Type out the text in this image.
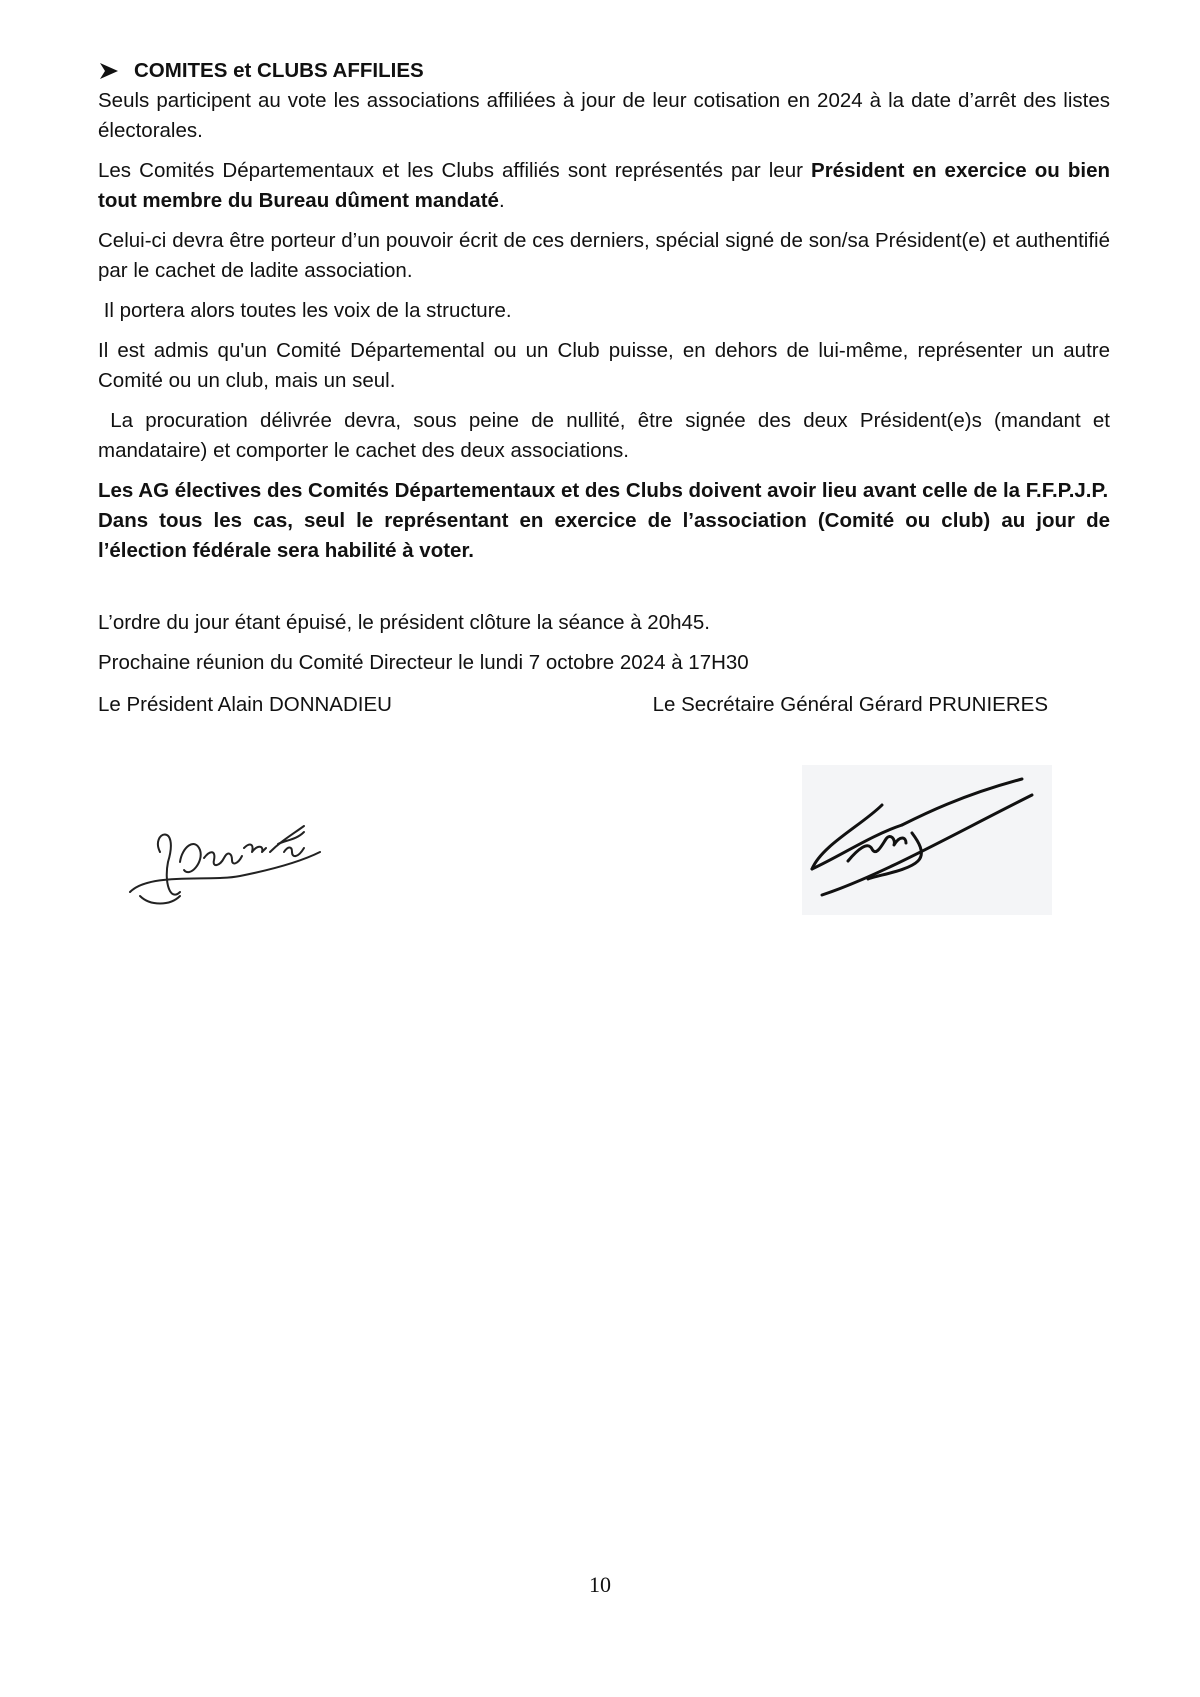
COMITES et CLUBS AFFILIES

Seuls participent au vote les associations affiliées à jour de leur cotisation en 2024 à la date d’arrêt des listes électorales.

Les Comités Départementaux et les Clubs affiliés sont représentés par leur Président en exercice ou bien tout membre du Bureau dûment mandaté.

Celui-ci devra être porteur d’un pouvoir écrit de ces derniers, spécial signé de son/sa Président(e) et authentifié par le cachet de ladite association.

Il portera alors toutes les voix de la structure.

Il est admis qu'un Comité Départemental ou un Club puisse, en dehors de lui-même, représenter un autre Comité ou un club, mais un seul.

La procuration délivrée devra, sous peine de nullité, être signée des deux Président(e)s (mandant et mandataire) et comporter le cachet des deux associations.

Les AG électives des Comités Départementaux et des Clubs doivent avoir lieu avant celle de la F.F.P.J.P.

Dans tous les cas, seul le représentant en exercice de l’association (Comité ou club) au jour de l’élection fédérale sera habilité à voter.

L’ordre du jour étant épuisé, le président clôture la séance à 20h45.

Prochaine réunion du Comité Directeur le lundi 7 octobre 2024 à 17H30

Le Président Alain DONNADIEU	Le Secrétaire Général Gérard PRUNIERES
10
